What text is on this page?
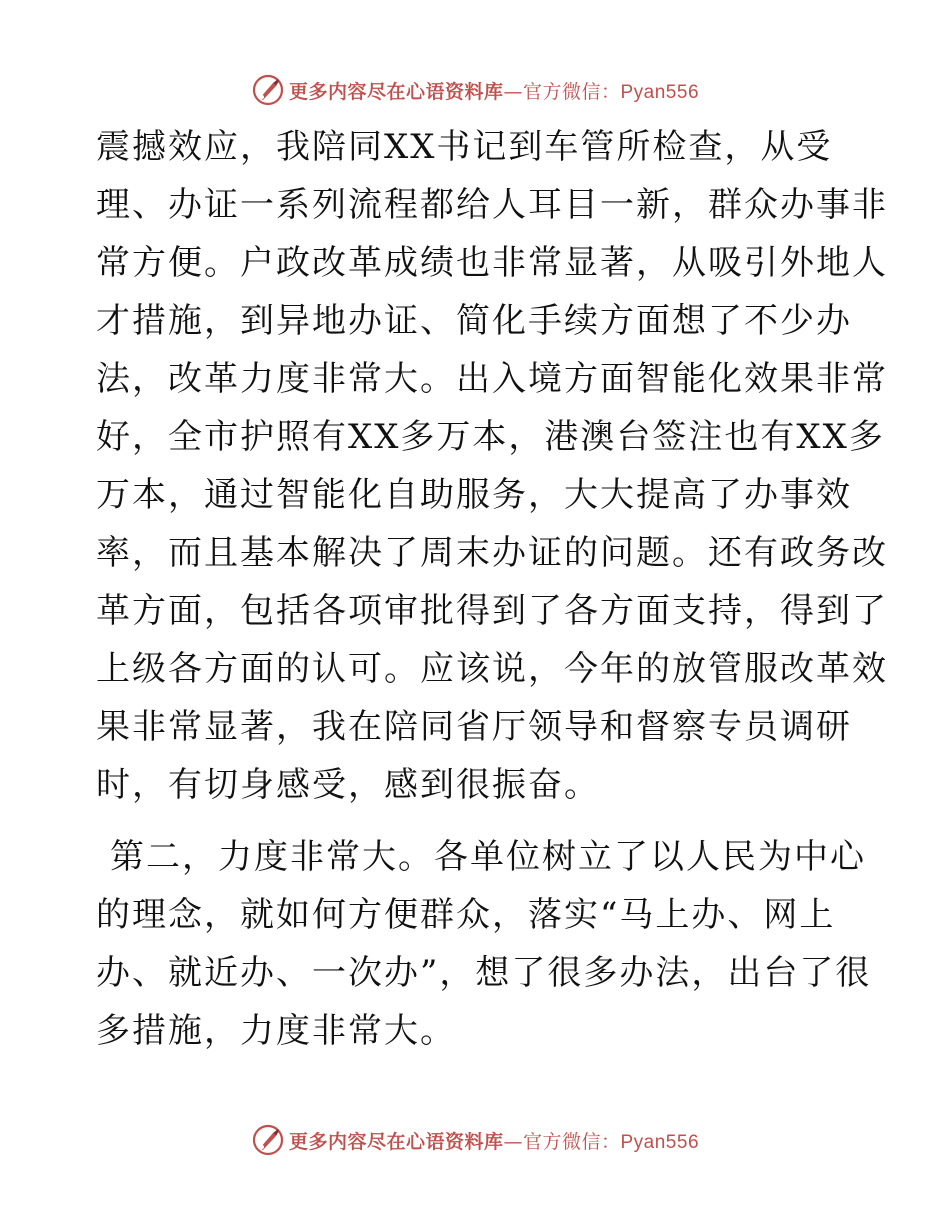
更多内容尽在心语资料库—官方微信：Pyan556
震撼效应，我陪同XX书记到车管所检查，从受
理、办证一系列流程都给人耳目一新，群众办事非
常方便。户政改革成绩也非常显著，从吸引外地人
才措施，到异地办证、简化手续方面想了不少办
法，改革力度非常大。出入境方面智能化效果非常
好，全市护照有XX多万本，港澳台签注也有XX多
万本，通过智能化自助服务，大大提高了办事效
率，而且基本解决了周末办证的问题。还有政务改
革方面，包括各项审批得到了各方面支持，得到了
上级各方面的认可。应该说，今年的放管服改革效
果非常显著，我在陪同省厅领导和督察专员调研
时，有切身感受，感到很振奋。
第二，力度非常大。各单位树立了以人民为中心
的理念，就如何方便群众，落实“马上办、网上
办、就近办、一次办”，想了很多办法，出台了很
多措施，力度非常大。
更多内容尽在心语资料库—官方微信：Pyan556
